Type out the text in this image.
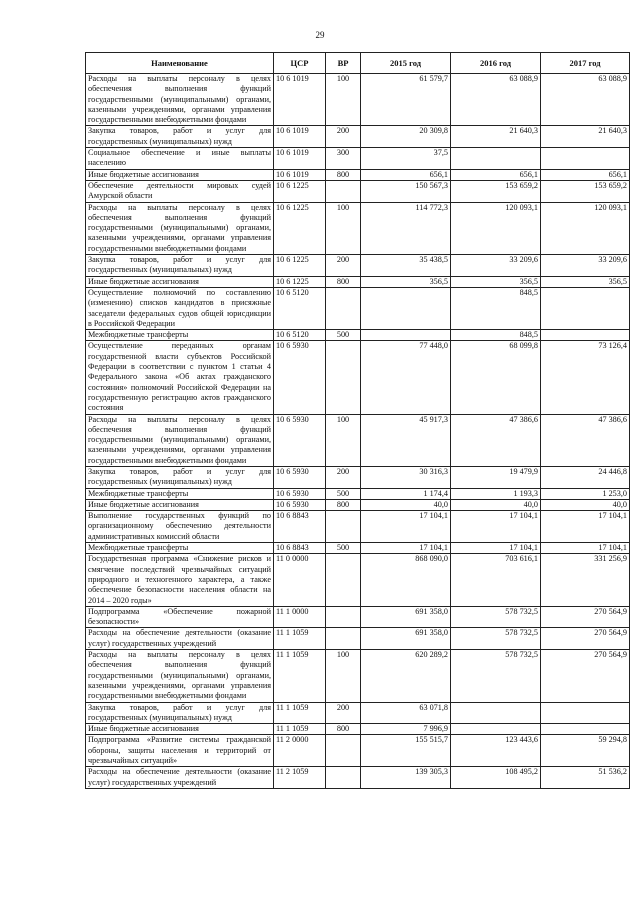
29
Наименование	ЦСР	ВР	2015 год	2016 год	2017 год
Расходы на выплаты персоналу в целях обеспечения выполнения функций государственными (муниципальными) органами, казенными учреждениями, органами управления государственными внебюджетными фондами	10 6 1019	100	61 579,7	63 088,9	63 088,9
Закупка товаров, работ и услуг для государственных (муниципальных) нужд	10 6 1019	200	20 309,8	21 640,3	21 640,3
Социальное обеспечение и иные выплаты населению	10 6 1019	300	37,5		
Иные бюджетные ассигнования	10 6 1019	800	656,1	656,1	656,1
Обеспечение деятельности мировых судей Амурской области	10 6 1225		150 567,3	153 659,2	153 659,2
Расходы на выплаты персоналу в целях обеспечения выполнения функций государственными (муниципальными) органами, казенными учреждениями, органами управления государственными внебюджетными фондами	10 6 1225	100	114 772,3	120 093,1	120 093,1
Закупка товаров, работ и услуг для государственных (муниципальных) нужд	10 6 1225	200	35 438,5	33 209,6	33 209,6
Иные бюджетные ассигнования	10 6 1225	800	356,5	356,5	356,5
Осуществление полномочий по составлению (изменению) списков кандидатов в присяжные заседатели федеральных судов общей юрисдикции в Российской Федерации	10 6 5120			848,5	
Межбюджетные трансферты	10 6 5120	500		848,5	
Осуществление переданных органам государственной власти субъектов Российской Федерации в соответствии с пунктом 1 статьи 4 Федерального закона «Об актах гражданского состояния» полномочий Российской Федерации на государственную регистрацию актов гражданского состояния	10 6 5930		77 448,0	68 099,8	73 126,4
Расходы на выплаты персоналу в целях обеспечения выполнения функций государственными (муниципальными) органами, казенными учреждениями, органами управления государственными внебюджетными фондами	10 6 5930	100	45 917,3	47 386,6	47 386,6
Закупка товаров, работ и услуг для государственных (муниципальных) нужд	10 6 5930	200	30 316,3	19 479,9	24 446,8
Межбюджетные трансферты	10 6 5930	500	1 174,4	1 193,3	1 253,0
Иные бюджетные ассигнования	10 6 5930	800	40,0	40,0	40,0
Выполнение государственных функций по организационному обеспечению деятельности административных комиссий области	10 6 8843		17 104,1	17 104,1	17 104,1
Межбюджетные трансферты	10 6 8843	500	17 104,1	17 104,1	17 104,1
Государственная программа «Снижение рисков и смягчение последствий чрезвычайных ситуаций природного и техногенного характера, а также обеспечение безопасности населения области на 2014 – 2020 годы»	11 0 0000		868 090,0	703 616,1	331 256,9
Подпрограмма «Обеспечение пожарной безопасности»	11 1 0000		691 358,0	578 732,5	270 564,9
Расходы на обеспечение деятельности (оказание услуг) государственных учреждений	11 1 1059		691 358,0	578 732,5	270 564,9
Расходы на выплаты персоналу в целях обеспечения выполнения функций государственными (муниципальными) органами, казенными учреждениями, органами управления государственными внебюджетными фондами	11 1 1059	100	620 289,2	578 732,5	270 564,9
Закупка товаров, работ и услуг для государственных (муниципальных) нужд	11 1 1059	200	63 071,8		
Иные бюджетные ассигнования	11 1 1059	800	7 996,9		
Подпрограмма «Развитие системы гражданской обороны, защиты населения и территорий от чрезвычайных ситуаций»	11 2 0000		155 515,7	123 443,6	59 294,8
Расходы на обеспечение деятельности (оказание услуг) государственных учреждений	11 2 1059		139 305,3	108 495,2	51 536,2
